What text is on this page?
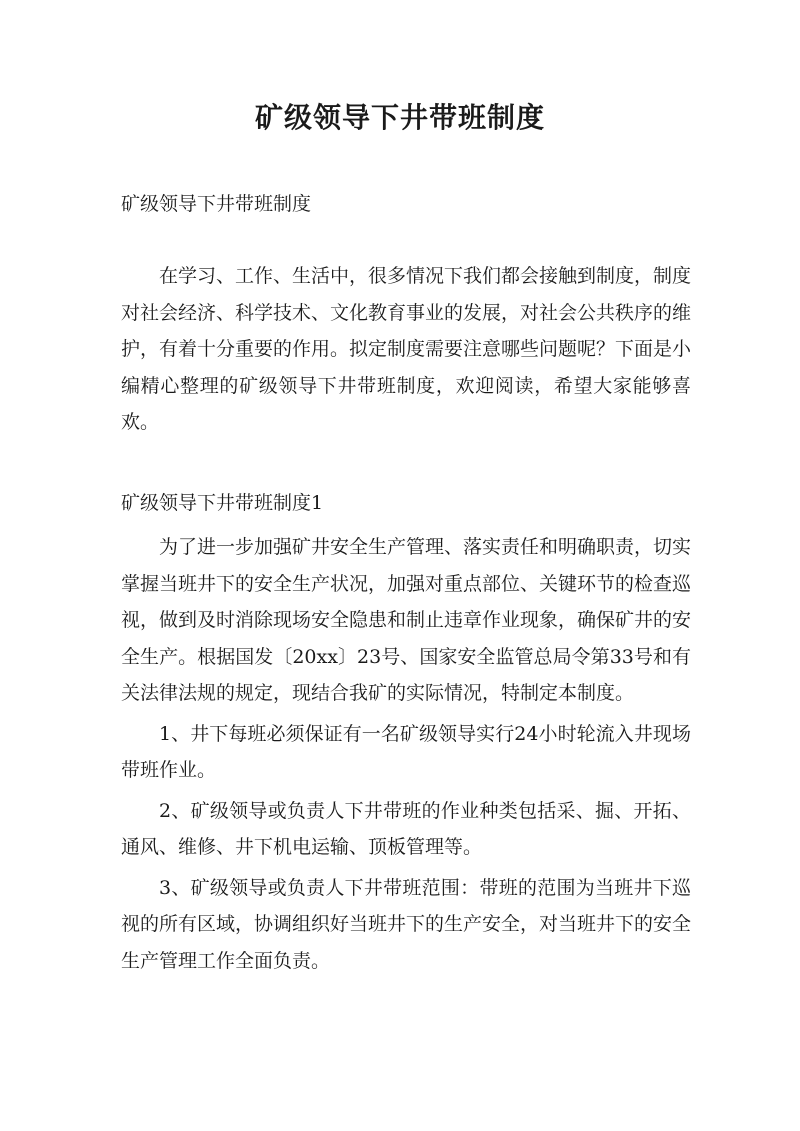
矿级领导下井带班制度

矿级领导下井带班制度

在学习、工作、生活中，很多情况下我们都会接触到制度，制度对社会经济、科学技术、文化教育事业的发展，对社会公共秩序的维护，有着十分重要的作用。拟定制度需要注意哪些问题呢？下面是小编精心整理的矿级领导下井带班制度，欢迎阅读，希望大家能够喜欢。

矿级领导下井带班制度1

为了进一步加强矿井安全生产管理、落实责任和明确职责，切实掌握当班井下的安全生产状况，加强对重点部位、关键环节的检查巡视，做到及时消除现场安全隐患和制止违章作业现象，确保矿井的安全生产。根据国发〔20xx〕23号、国家安全监管总局令第33号和有关法律法规的规定，现结合我矿的实际情况，特制定本制度。

1、井下每班必须保证有一名矿级领导实行24小时轮流入井现场带班作业。

2、矿级领导或负责人下井带班的作业种类包括采、掘、开拓、通风、维修、井下机电运输、顶板管理等。

3、矿级领导或负责人下井带班范围：带班的范围为当班井下巡视的所有区域，协调组织好当班井下的生产安全，对当班井下的安全生产管理工作全面负责。
